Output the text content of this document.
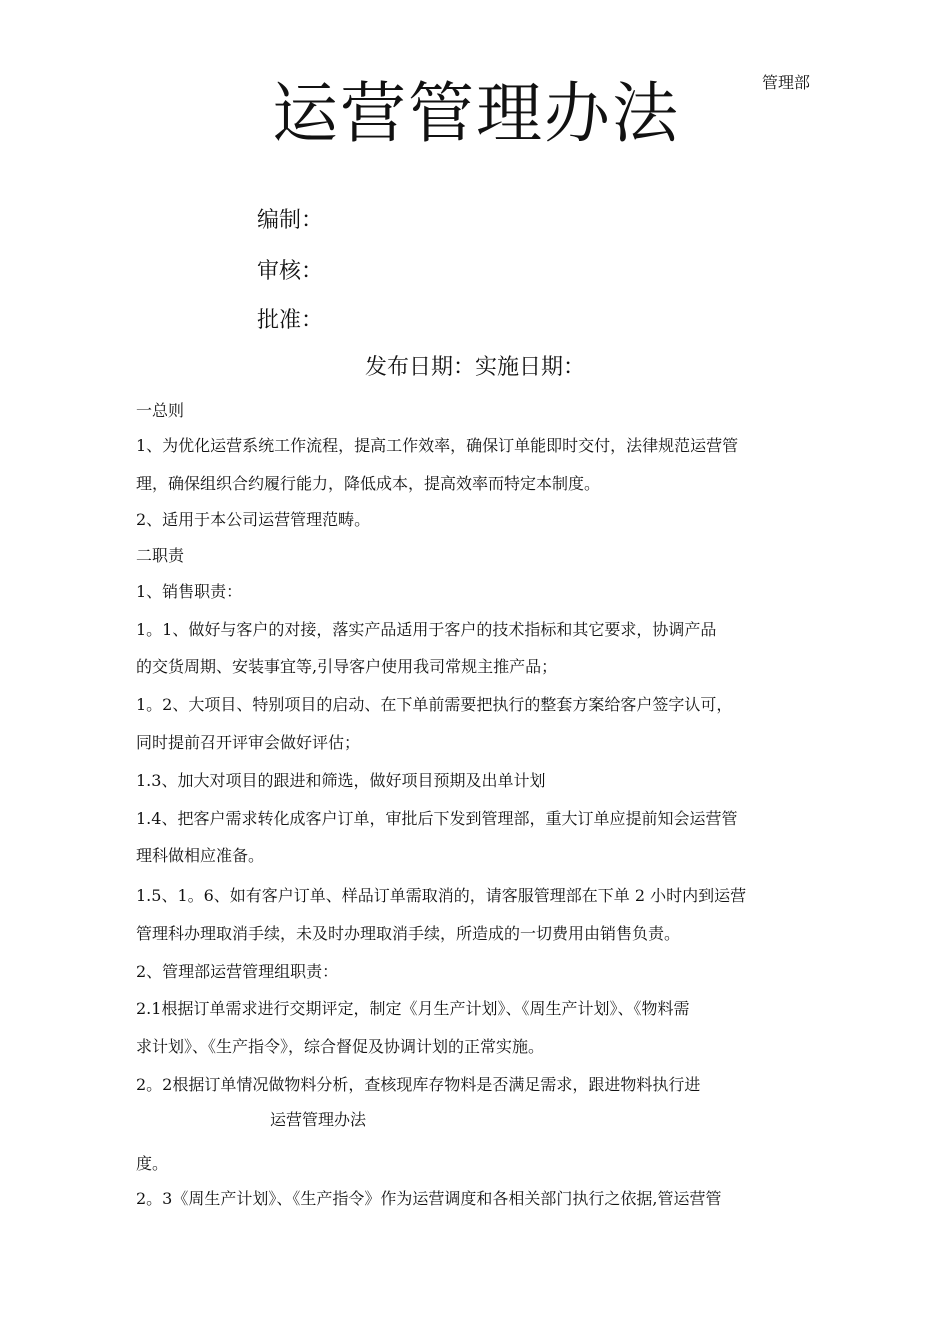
管理部
运营管理办法
编制：
审核：
批准：
发布日期：实施日期：
一总则
1、为优化运营系统工作流程，提高工作效率，确保订单能即时交付，法律规范运营管
理，确保组织合约履行能力，降低成本，提高效率而特定本制度。
2、适用于本公司运营管理范畴。
二职责
1、销售职责：
1。1、做好与客户的对接，落实产品适用于客户的技术指标和其它要求，协调产品
的交货周期、安装事宜等,引导客户使用我司常规主推产品；
1。2、大项目、特别项目的启动、在下单前需要把执行的整套方案给客户签字认可，
同时提前召开评审会做好评估；
1.3、加大对项目的跟进和筛选，做好项目预期及出单计划
1.4、把客户需求转化成客户订单，审批后下发到管理部，重大订单应提前知会运营管
理科做相应准备。
1.5、1。6、如有客户订单、样品订单需取消的，请客服管理部在下单 2 小时内到运营
管理科办理取消手续，未及时办理取消手续，所造成的一切费用由销售负责。
2、管理部运营管理组职责：
2.1根据订单需求进行交期评定，制定《月生产计划》、《周生产计划》、《物料需
求计划》、《生产指令》，综合督促及协调计划的正常实施。
2。2根据订单情况做物料分析，查核现库存物料是否满足需求，跟进物料执行进
运营管理办法
度。
2。3《周生产计划》、《生产指令》作为运营调度和各相关部门执行之依据,管运营管
